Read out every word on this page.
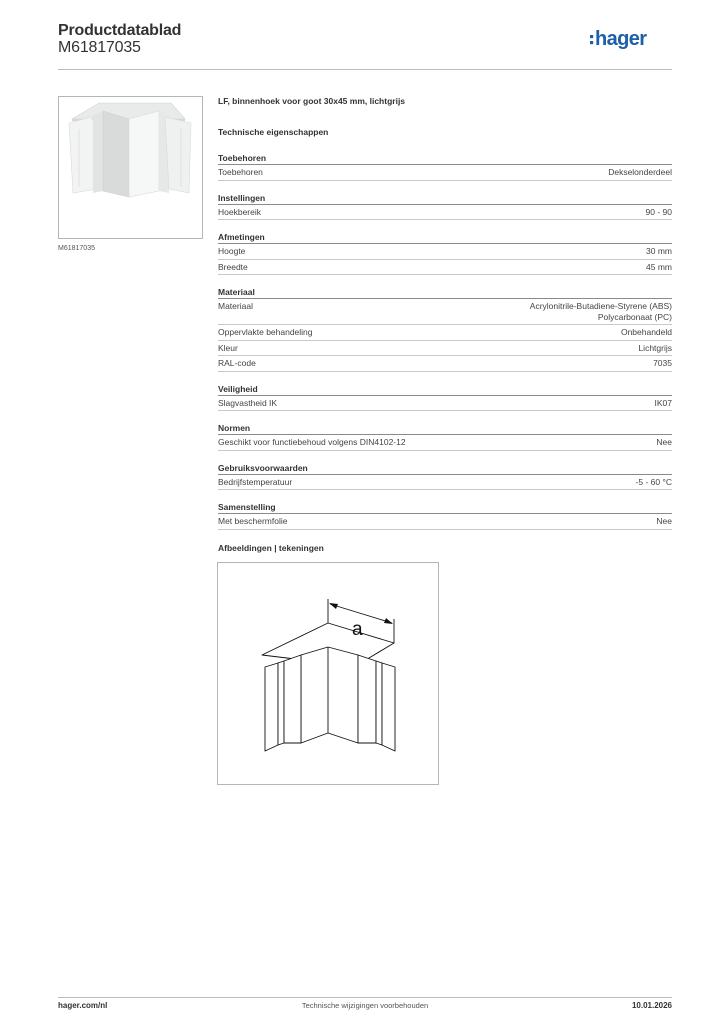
Productdatablad
M61817035	hager
M61817035
LF, binnenhoek voor goot 30x45 mm, lichtgrijs
Technische eigenschappen
Toebehoren
Toebehoren	Dekselonderdeel
Instellingen
Hoekbereik	90 - 90
Afmetingen
Hoogte	30 mm
Breedte	45 mm
Materiaal
Materiaal	Acrylonitrile-Butadiene-Styrene (ABS)
Polycarbonaat (PC)
Oppervlakte behandeling	Onbehandeld
Kleur	Lichtgrijs
RAL-code	7035
Veiligheid
Slagvastheid IK	IK07
Normen
Geschikt voor functiebehoud volgens DIN4102-12	Nee
Gebruiksvoorwaarden
Bedrijfstemperatuur	-5 - 60 °C
Samenstelling
Met beschermfolie	Nee
Afbeeldingen | tekeningen
a
hager.com/nl	Technische wijzigingen voorbehouden	10.01.2026
